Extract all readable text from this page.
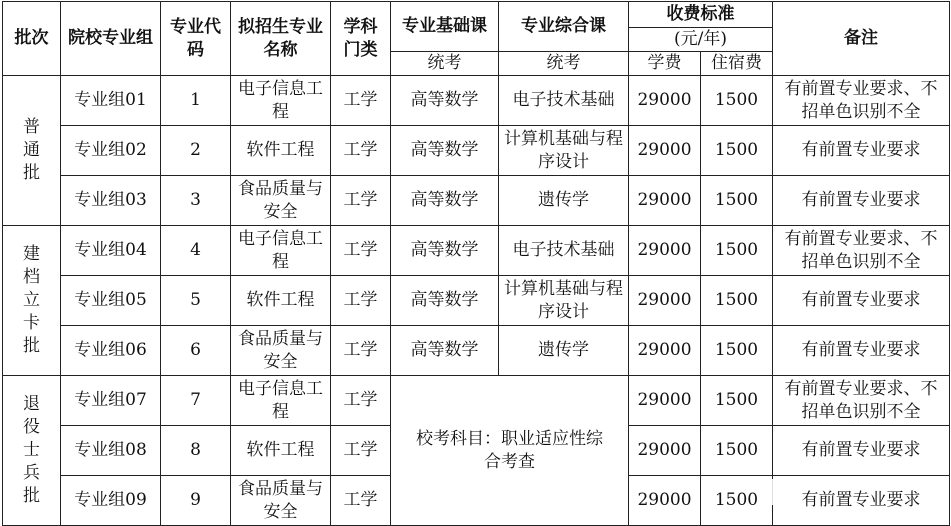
批次	院校专业组	专业代码	拟招生专业名称	学科门类	专业基础课	专业综合课	收费标准		备注
							(元/年)		
					统考	统考	学费	住宿费	
普通批	专业组01	1	电子信息工程	工学	高等数学	电子技术基础	29000	1500	有前置专业要求、不招单色识别不全
	专业组02	2	软件工程	工学	高等数学	计算机基础与程序设计	29000	1500	有前置专业要求
	专业组03	3	食品质量与安全	工学	高等数学	遗传学	29000	1500	有前置专业要求
建档立卡批	专业组04	4	电子信息工程	工学	高等数学	电子技术基础	29000	1500	有前置专业要求、不招单色识别不全
	专业组05	5	软件工程	工学	高等数学	计算机基础与程序设计	29000	1500	有前置专业要求
	专业组06	6	食品质量与安全	工学	高等数学	遗传学	29000	1500	有前置专业要求
退役士兵批	专业组07	7	电子信息工程	工学	校考科目：职业适应性综合考查		29000	1500	有前置专业要求、不招单色识别不全
	专业组08	8	软件工程	工学			29000	1500	有前置专业要求
	专业组09	9	食品质量与安全	工学			29000	1500	有前置专业要求
